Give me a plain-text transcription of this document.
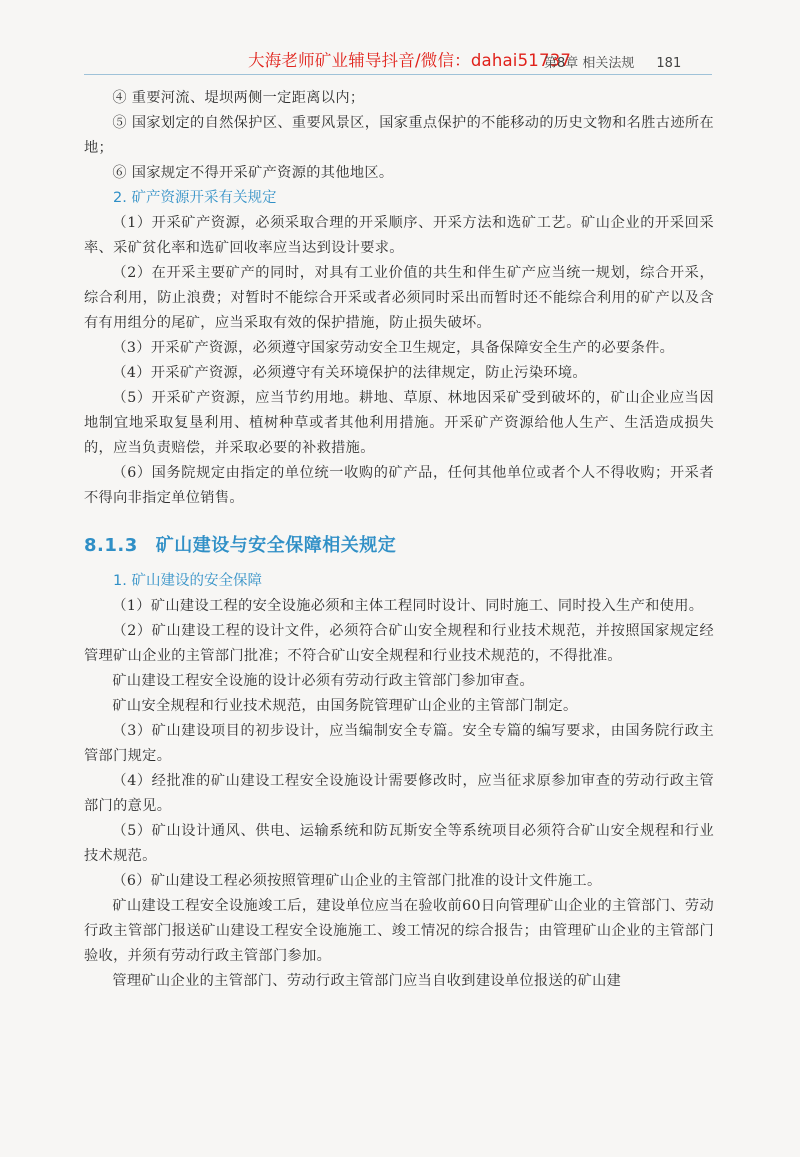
大海老师矿业辅导抖音/微信：dahai51737
第8章 相关法规 181

④ 重要河流、堤坝两侧一定距离以内；

⑤ 国家划定的自然保护区、重要风景区，国家重点保护的不能移动的历史文物和名胜古迹所在地；

⑥ 国家规定不得开采矿产资源的其他地区。

2. 矿产资源开采有关规定

（1）开采矿产资源，必须采取合理的开采顺序、开采方法和选矿工艺。矿山企业的开采回采率、采矿贫化率和选矿回收率应当达到设计要求。

（2）在开采主要矿产的同时，对具有工业价值的共生和伴生矿产应当统一规划，综合开采，综合利用，防止浪费；对暂时不能综合开采或者必须同时采出而暂时还不能综合利用的矿产以及含有有用组分的尾矿，应当采取有效的保护措施，防止损失破坏。

（3）开采矿产资源，必须遵守国家劳动安全卫生规定，具备保障安全生产的必要条件。

（4）开采矿产资源，必须遵守有关环境保护的法律规定，防止污染环境。

（5）开采矿产资源，应当节约用地。耕地、草原、林地因采矿受到破坏的，矿山企业应当因地制宜地采取复垦利用、植树种草或者其他利用措施。开采矿产资源给他人生产、生活造成损失的，应当负责赔偿，并采取必要的补救措施。

（6）国务院规定由指定的单位统一收购的矿产品，任何其他单位或者个人不得收购；开采者不得向非指定单位销售。

8.1.3 矿山建设与安全保障相关规定

1. 矿山建设的安全保障

（1）矿山建设工程的安全设施必须和主体工程同时设计、同时施工、同时投入生产和使用。

（2）矿山建设工程的设计文件，必须符合矿山安全规程和行业技术规范，并按照国家规定经管理矿山企业的主管部门批准；不符合矿山安全规程和行业技术规范的，不得批准。

矿山建设工程安全设施的设计必须有劳动行政主管部门参加审查。

矿山安全规程和行业技术规范，由国务院管理矿山企业的主管部门制定。

（3）矿山建设项目的初步设计，应当编制安全专篇。安全专篇的编写要求，由国务院行政主管部门规定。

（4）经批准的矿山建设工程安全设施设计需要修改时，应当征求原参加审查的劳动行政主管部门的意见。

（5）矿山设计通风、供电、运输系统和防瓦斯安全等系统项目必须符合矿山安全规程和行业技术规范。

（6）矿山建设工程必须按照管理矿山企业的主管部门批准的设计文件施工。

矿山建设工程安全设施竣工后，建设单位应当在验收前60日向管理矿山企业的主管部门、劳动行政主管部门报送矿山建设工程安全设施施工、竣工情况的综合报告；由管理矿山企业的主管部门验收，并须有劳动行政主管部门参加。

管理矿山企业的主管部门、劳动行政主管部门应当自收到建设单位报送的矿山建
